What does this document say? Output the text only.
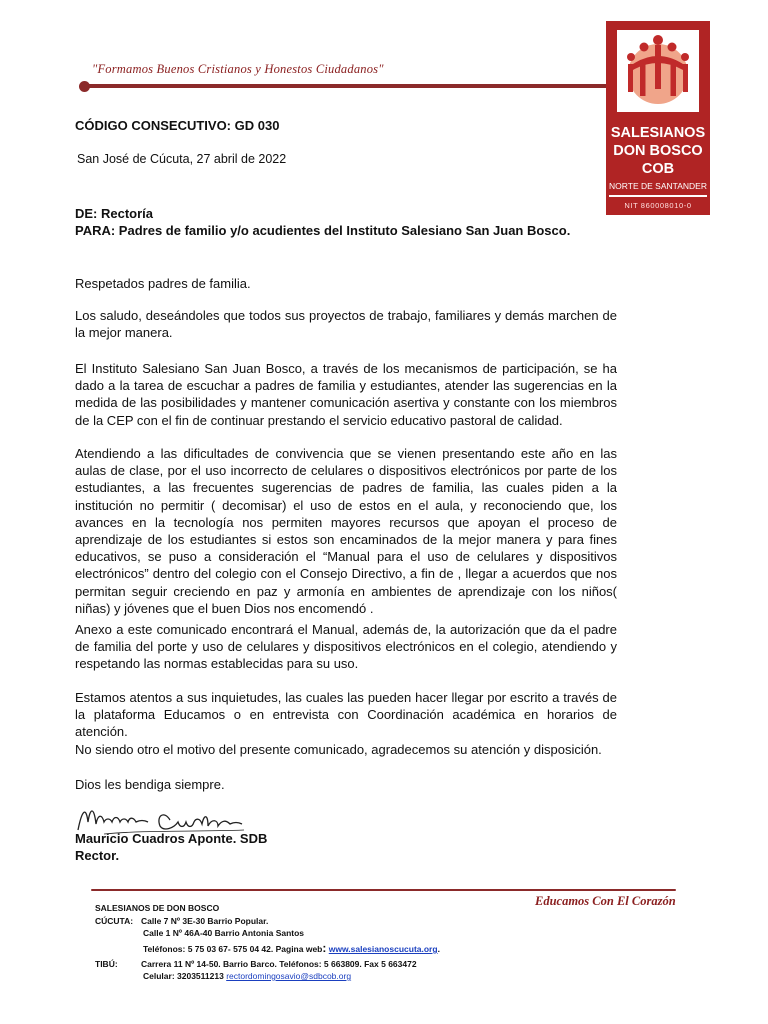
"Formamos Buenos Cristianos y Honestos Ciudadanos"
SALESIANOS
DON BOSCO
COB
NORTE DE SANTANDER
NIT 860008010-0
CÓDIGO CONSECUTIVO: GD 030
San José de Cúcuta, 27 abril de 2022
DE: Rectoría
PARA: Padres de familio y/o acudientes del Instituto Salesiano San Juan Bosco.
Respetados padres de familia.
Los saludo, deseándoles que todos sus proyectos de trabajo, familiares y demás marchen de la mejor manera.
El Instituto Salesiano San Juan Bosco, a través de los mecanismos de participación, se ha dado a la tarea de escuchar a padres de familia y estudiantes, atender las sugerencias en la medida de las posibilidades y mantener comunicación asertiva y constante con los miembros de la CEP con el fin de continuar prestando el servicio educativo pastoral de calidad.
Atendiendo a las dificultades de convivencia que se vienen presentando este año en las aulas de clase, por el uso incorrecto de celulares o dispositivos electrónicos por parte de los estudiantes, a las frecuentes sugerencias de padres de familia, las cuales piden a la institución no permitir ( decomisar) el uso de estos en el aula, y reconociendo que, los avances en la tecnología nos permiten mayores recursos que apoyan el proceso de aprendizaje de los estudiantes si estos son encaminados de la mejor manera y para fines educativos, se puso a consideración el “Manual para el uso de celulares y dispositivos electrónicos” dentro del colegio con el Consejo Directivo, a fin de , llegar a acuerdos que nos permitan seguir creciendo en paz y armonía en ambientes de aprendizaje con los niños( niñas) y jóvenes que el buen Dios nos encomendó .
Anexo a este comunicado encontrará el Manual, además de, la autorización que da el padre de familia del porte y uso de celulares y dispositivos electrónicos en el colegio, atendiendo y respetando las normas establecidas para su uso.
Estamos atentos a sus inquietudes, las cuales las pueden hacer llegar por escrito a través de la plataforma Educamos o en entrevista con Coordinación académica en horarios de atención.
No siendo otro el motivo del presente comunicado, agradecemos su atención y disposición.
Dios les bendiga siempre.
Mauricio Cuadros Aponte. SDB
Rector.
Educamos Con El Corazón
SALESIANOS DE DON BOSCO
CÚCUTA: Calle 7 Nº 3E-30 Barrio Popular.
Calle 1 Nº 46A-40 Barrio Antonia Santos
Teléfonos: 5 75 03 67- 575 04 42. Pagina web: www.salesianoscucuta.org.
TIBÚ:	Carrera 11 Nº 14-50. Barrio Barco. Teléfonos: 5 663809. Fax 5 663472
Celular: 3203511213 rectordomingosavio@sdbcob.org
